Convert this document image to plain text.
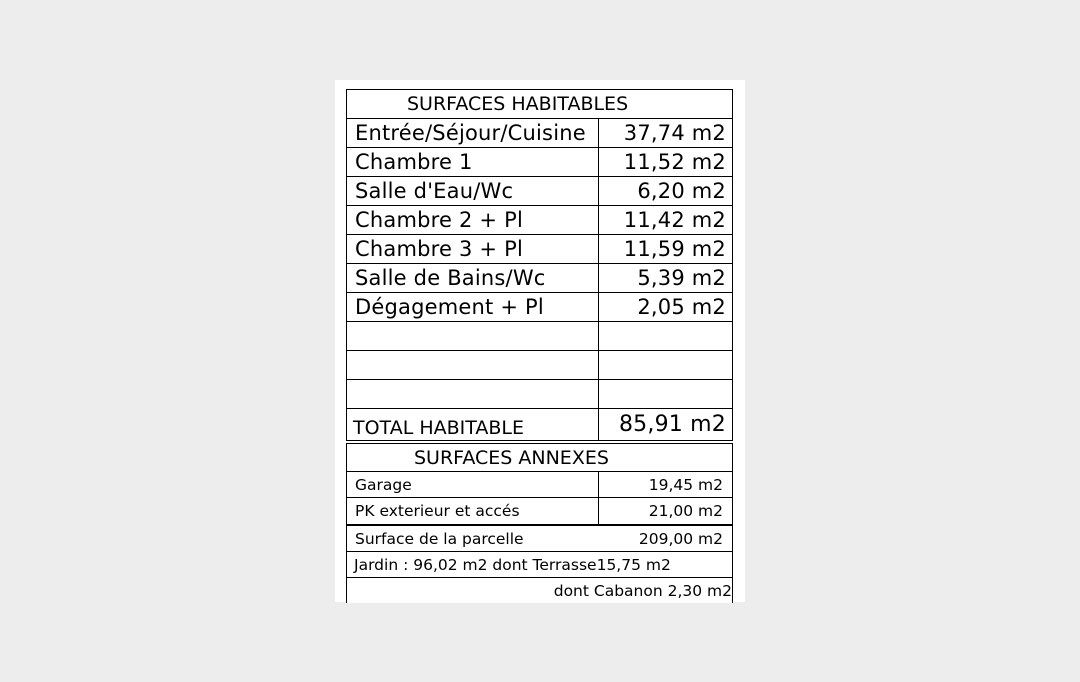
SURFACES HABITABLES
Entrée/Séjour/Cuisine	37,74 m2
Chambre 1	11,52 m2
Salle d'Eau/Wc	6,20 m2
Chambre 2 + Pl	11,42 m2
Chambre 3 + Pl	11,59 m2
Salle de Bains/Wc	5,39 m2
Dégagement + Pl	2,05 m2
TOTAL HABITABLE	85,91 m2
SURFACES ANNEXES
Garage	19,45 m2
PK exterieur et accés	21,00 m2
Surface de la parcelle	209,00 m2
Jardin : 96,02 m2 dont Terrasse15,75 m2
dont Cabanon 2,30 m2
